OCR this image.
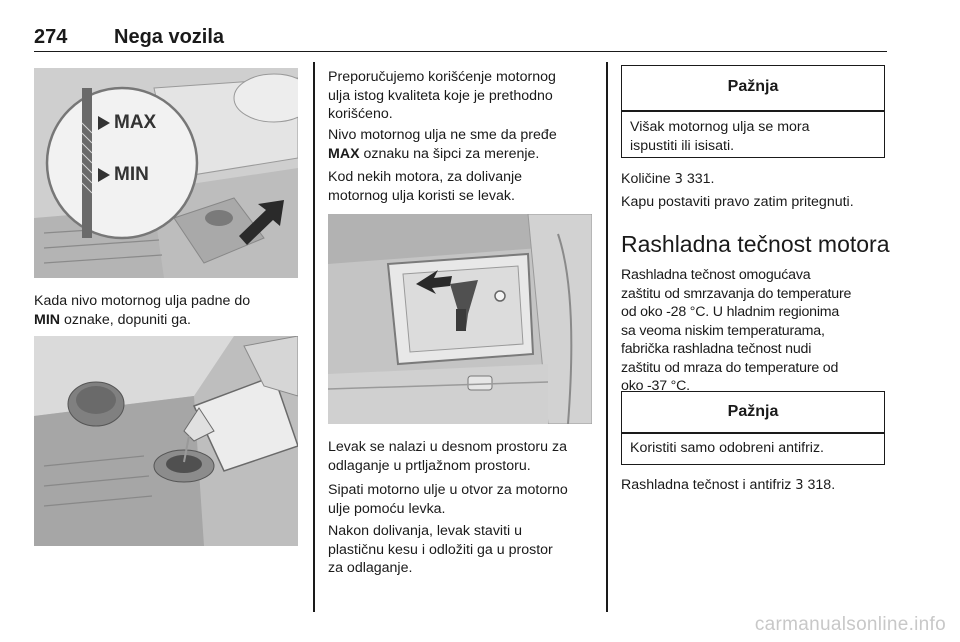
274 Nega vozila
MAX
MIN

Kada nivo motornog ulja padne do
MIN oznake, dopuniti ga.

Preporučujemo korišćenje motornog
ulja istog kvaliteta koje je prethodno
korišćeno.

Nivo motornog ulja ne sme da pređe
MAX oznaku na šipci za merenje.

Kod nekih motora, za dolivanje
motornog ulja koristi se levak.

Levak se nalazi u desnom prostoru za
odlaganje u prtljažnom prostoru.

Sipati motorno ulje u otvor za motorno
ulje pomoću levka.

Nakon dolivanja, levak staviti u
plastičnu kesu i odložiti ga u prostor
za odlaganje.

Pažnja
Višak motornog ulja se mora
ispustiti ili isisati.

Količine 3 331.

Kapu postaviti pravo zatim pritegnuti.

Rashladna tečnost motora

Rashladna tečnost omogućava
zaštitu od smrzavanja do temperature
od oko -28 °C. U hladnim regionima
sa veoma niskim temperaturama,
fabrička rashladna tečnost nudi
zaštitu od mraza do temperature od
oko -37 °C.

Pažnja
Koristiti samo odobreni antifriz.

Rashladna tečnost i antifriz 3 318.

carmanualsonline.info
